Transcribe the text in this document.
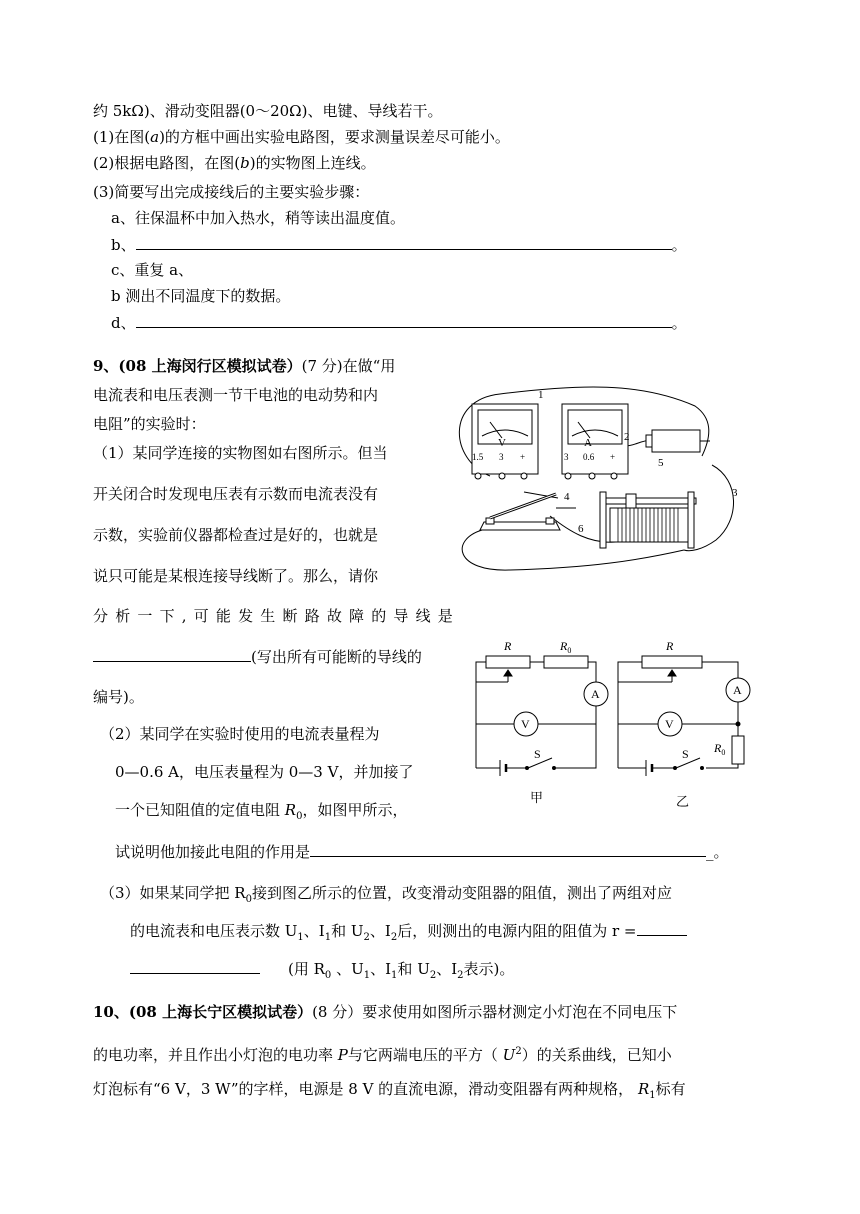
约 5kΩ)、滑动变阻器(0～20Ω)、电键、导线若干。
(1)在图(a)的方框中画出实验电路图，要求测量误差尽可能小。
(2)根据电路图，在图(b)的实物图上连线。
(3)简要写出完成接线后的主要实验步骤：
a、往保温杯中加入热水，稍等读出温度值。
b、	。
c、重复 a、
b 测出不同温度下的数据。
d、	。
9、(08 上海闵行区模拟试卷）(7 分)在做“用
电流表和电压表测一节干电池的电动势和内
电阻”的实验时：
（1）某同学连接的实物图如右图所示。但当
开关闭合时发现电压表有示数而电流表没有
示数，实验前仪器都检查过是好的，也就是
说只可能是某根连接导线断了。那么，请你
分 析 一 下 , 可 能 发 生 断 路 故 障 的 导 线 是
(写出所有可能断的导线的
编号)。
（2）某同学在实验时使用的电流表量程为
0—0.6 A，电压表量程为 0—3 V，并加接了
一个已知阻值的定值电阻 $R_0$，如图甲所示，
试说明他加接此电阻的作用是	_。
（3）如果某同学把 $R_0$接到图乙所示的位置，改变滑动变阻器的阻值，测出了两组对应
的电流表和电压表示数 $U_1$、$I_1$和 $U_2$、$I_2$后，则测出的电源内阻的阻值为 r =
(用 $R_0$ 、$U_1$、$I_1$和 $U_2$、$I_2$表示)。
10、(08 上海长宁区模拟试卷）(8 分）要求使用如图所示器材测定小灯泡在不同电压下
的电功率，并且作出小灯泡的电功率 P与它两端电压的平方（ $U^2$）的关系曲线，已知小
灯泡标有“6 V，3 W”的字样，电源是 8 V 的直流电源，滑动变阻器有两种规格， $R_1$标有
1
2
3
4
5
6
V
1.5 3 +
A
3 0.6 +
R	$R_0$
A
V
S
甲
R
A
V
$R_0$
S
乙
